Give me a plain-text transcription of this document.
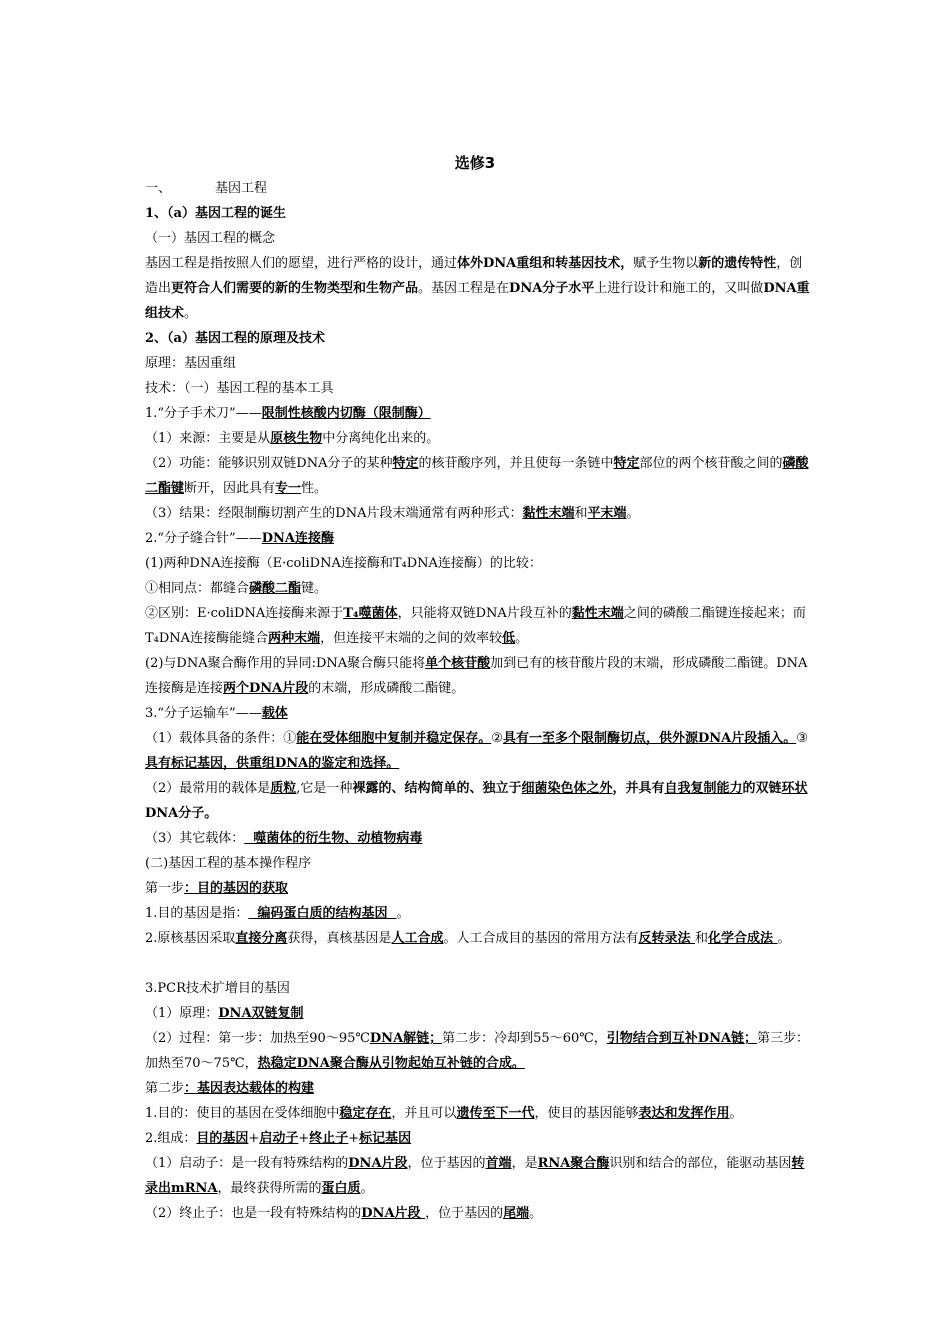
选修3
一、	基因工程
1、（a）基因工程的诞生
（一）基因工程的概念
基因工程是指按照人们的愿望，进行严格的设计，通过体外DNA重组和转基因技术，赋予生物以新的遗传特性，创造出更符合人们需要的新的生物类型和生物产品。基因工程是在DNA分子水平上进行设计和施工的，又叫做DNA重组技术。
2、（a）基因工程的原理及技术
原理：基因重组
技术：（一）基因工程的基本工具
1.“分子手术刀”——限制性核酸内切酶（限制酶）
（1）来源：主要是从原核生物中分离纯化出来的。
（2）功能：能够识别双链DNA分子的某种特定的核苷酸序列，并且使每一条链中特定部位的两个核苷酸之间的磷酸二酯键断开，因此具有专一性。
（3）结果：经限制酶切割产生的DNA片段末端通常有两种形式：黏性末端和平末端。
2.“分子缝合针”——DNA连接酶
(1)两种DNA连接酶（E·coliDNA连接酶和T₄DNA连接酶）的比较：
①相同点：都缝合磷酸二酯键。
②区别：E·coliDNA连接酶来源于T₄噬菌体，只能将双链DNA片段互补的黏性末端之间的磷酸二酯键连接起来；而T₄DNA连接酶能缝合两种末端，但连接平末端的之间的效率较低。
(2)与DNA聚合酶作用的异同:DNA聚合酶只能将单个核苷酸加到已有的核苷酸片段的末端，形成磷酸二酯键。DNA连接酶是连接两个DNA片段的末端，形成磷酸二酯键。
3.“分子运输车”——载体
（1）载体具备的条件：①能在受体细胞中复制并稳定保存。②具有一至多个限制酶切点，供外源DNA片段插入。③具有标记基因，供重组DNA的鉴定和选择。
（2）最常用的载体是质粒,它是一种裸露的、结构简单的、独立于细菌染色体之外，并具有自我复制能力的双链环状DNA分子。
（3）其它载体：  噬菌体的衍生物、动植物病毒
(二)基因工程的基本操作程序
第一步：目的基因的获取
1.目的基因是指：  编码蛋白质的结构基因  。
2.原核基因采取直接分离获得，真核基因是人工合成。人工合成目的基因的常用方法有反转录法 和化学合成法 。
3.PCR技术扩增目的基因
（1）原理：DNA双链复制
（2）过程：第一步：加热至90～95℃DNA解链；第二步：冷却到55～60℃，引物结合到互补DNA链；第三步：加热至70～75℃，热稳定DNA聚合酶从引物起始互补链的合成。
第二步：基因表达载体的构建
1.目的：使目的基因在受体细胞中稳定存在，并且可以遗传至下一代，使目的基因能够表达和发挥作用。
2.组成：目的基因+启动子+终止子+标记基因
（1）启动子：是一段有特殊结构的DNA片段，位于基因的首端，是RNA聚合酶识别和结合的部位，能驱动基因转录出mRNA，最终获得所需的蛋白质。
（2）终止子：也是一段有特殊结构的DNA片段 ，位于基因的尾端。
